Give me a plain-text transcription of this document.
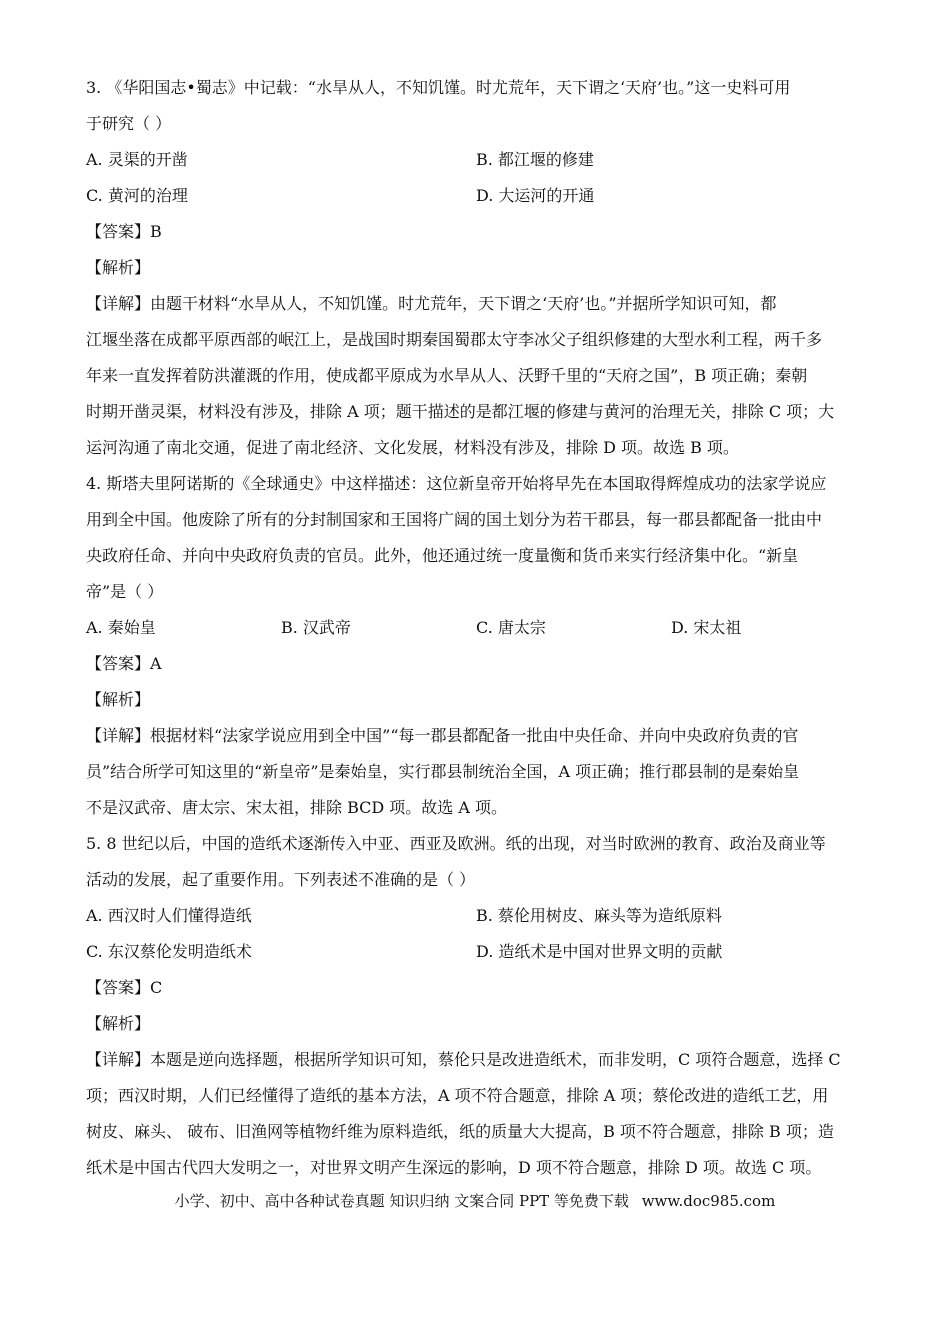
3. 《华阳国志•蜀志》中记载：“水旱从人，不知饥馑。时尤荒年，天下谓之‘天府’也。”这一史料可用
于研究（ ）
A. 灵渠的开凿	B. 都江堰的修建
C. 黄河的治理	D. 大运河的开通
【答案】B
【解析】
【详解】由题干材料“水旱从人，不知饥馑。时尤荒年，天下谓之‘天府’也。”并据所学知识可知，都
江堰坐落在成都平原西部的岷江上，是战国时期秦国蜀郡太守李冰父子组织修建的大型水利工程，两千多
年来一直发挥着防洪灌溉的作用，使成都平原成为水旱从人、沃野千里的“天府之国”，B 项正确；秦朝
时期开凿灵渠，材料没有涉及，排除 A 项；题干描述的是都江堰的修建与黄河的治理无关，排除 C 项；大
运河沟通了南北交通，促进了南北经济、文化发展，材料没有涉及，排除 D 项。故选 B 项。
4. 斯塔夫里阿诺斯的《全球通史》中这样描述：这位新皇帝开始将早先在本国取得辉煌成功的法家学说应
用到全中国。他废除了所有的分封制国家和王国将广阔的国土划分为若干郡县，每一郡县都配备一批由中
央政府任命、并向中央政府负责的官员。此外，他还通过统一度量衡和货币来实行经济集中化。“新皇
帝”是（ ）
A. 秦始皇	B. 汉武帝	C. 唐太宗	D. 宋太祖
【答案】A
【解析】
【详解】根据材料“法家学说应用到全中国”“每一郡县都配备一批由中央任命、并向中央政府负责的官
员”结合所学可知这里的“新皇帝”是秦始皇，实行郡县制统治全国，A 项正确；推行郡县制的是秦始皇
不是汉武帝、唐太宗、宋太祖，排除 BCD 项。故选 A 项。
5. 8 世纪以后，中国的造纸术逐渐传入中亚、西亚及欧洲。纸的出现，对当时欧洲的教育、政治及商业等
活动的发展，起了重要作用。下列表述不准确的是（ ）
A. 西汉时人们懂得造纸	B. 蔡伦用树皮、麻头等为造纸原料
C. 东汉蔡伦发明造纸术	D. 造纸术是中国对世界文明的贡献
【答案】C
【解析】
【详解】本题是逆向选择题，根据所学知识可知，蔡伦只是改进造纸术，而非发明，C 项符合题意，选择 C
项；西汉时期，人们已经懂得了造纸的基本方法，A 项不符合题意，排除 A 项；蔡伦改进的造纸工艺，用
树皮、麻头、 破布、旧渔网等植物纤维为原料造纸，纸的质量大大提高，B 项不符合题意，排除 B 项；造
纸术是中国古代四大发明之一，对世界文明产生深远的影响，D 项不符合题意，排除 D 项。故选 C 项。
小学、初中、高中各种试卷真题 知识归纳 文案合同 PPT 等免费下载 www.doc985.com
